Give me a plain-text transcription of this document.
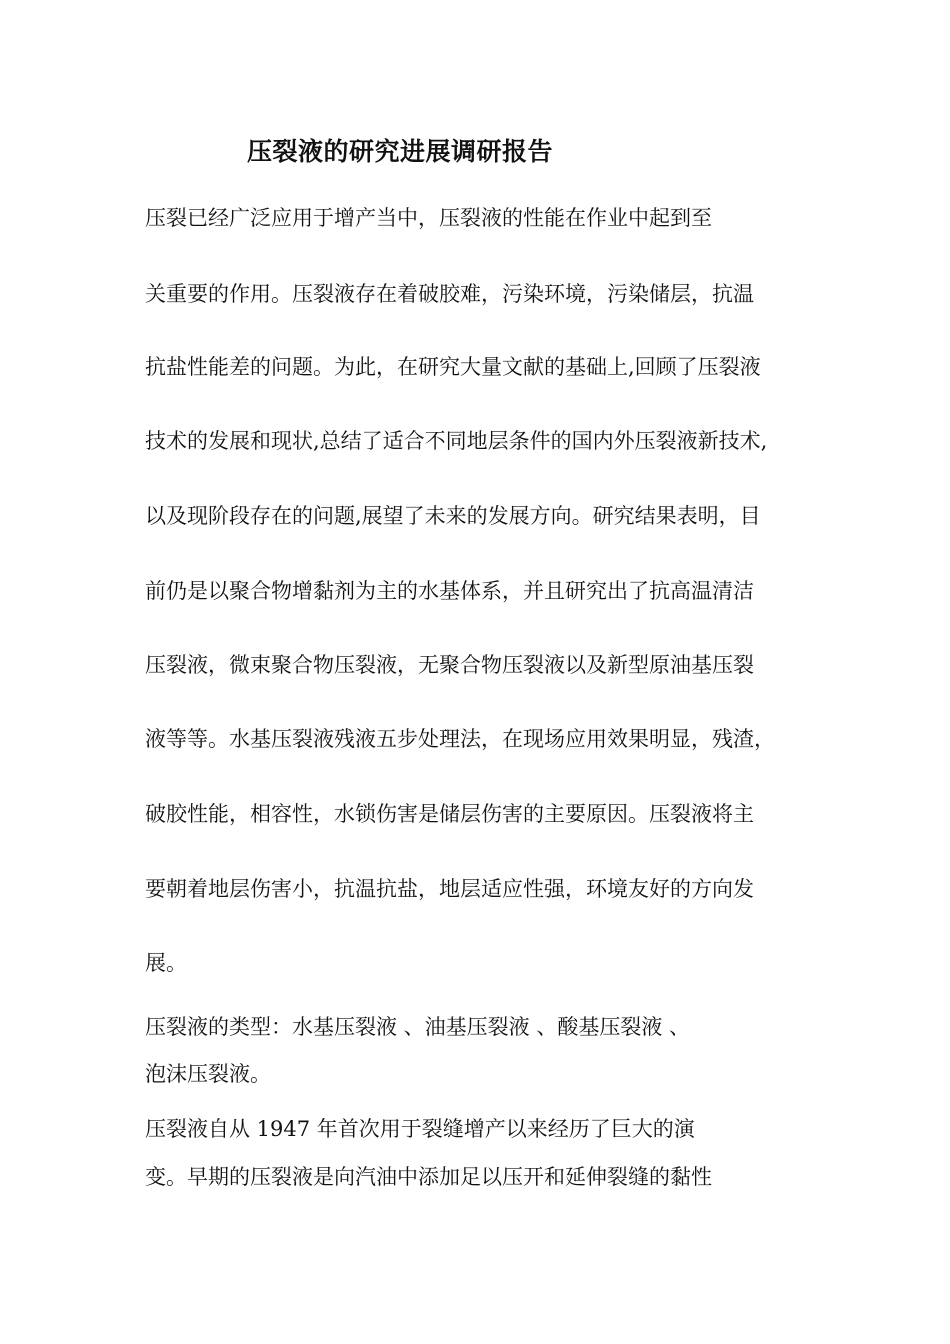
压裂液的研究进展调研报告
压裂已经广泛应用于增产当中，压裂液的性能在作业中起到至
关重要的作用。压裂液存在着破胶难，污染环境，污染储层，抗温
抗盐性能差的问题。为此，在研究大量文献的基础上,回顾了压裂液
技术的发展和现状,总结了适合不同地层条件的国内外压裂液新技术,
以及现阶段存在的问题,展望了未来的发展方向。研究结果表明，目
前仍是以聚合物增黏剂为主的水基体系，并且研究出了抗高温清洁
压裂液，微束聚合物压裂液，无聚合物压裂液以及新型原油基压裂
液等等。水基压裂液残液五步处理法，在现场应用效果明显，残渣，
破胶性能，相容性，水锁伤害是储层伤害的主要原因。压裂液将主
要朝着地层伤害小，抗温抗盐，地层适应性强，环境友好的方向发
展。
压裂液的类型：水基压裂液 、油基压裂液 、酸基压裂液 、
泡沫压裂液。
压裂液自从 1947 年首次用于裂缝增产以来经历了巨大的演
变。早期的压裂液是向汽油中添加足以压开和延伸裂缝的黏性
